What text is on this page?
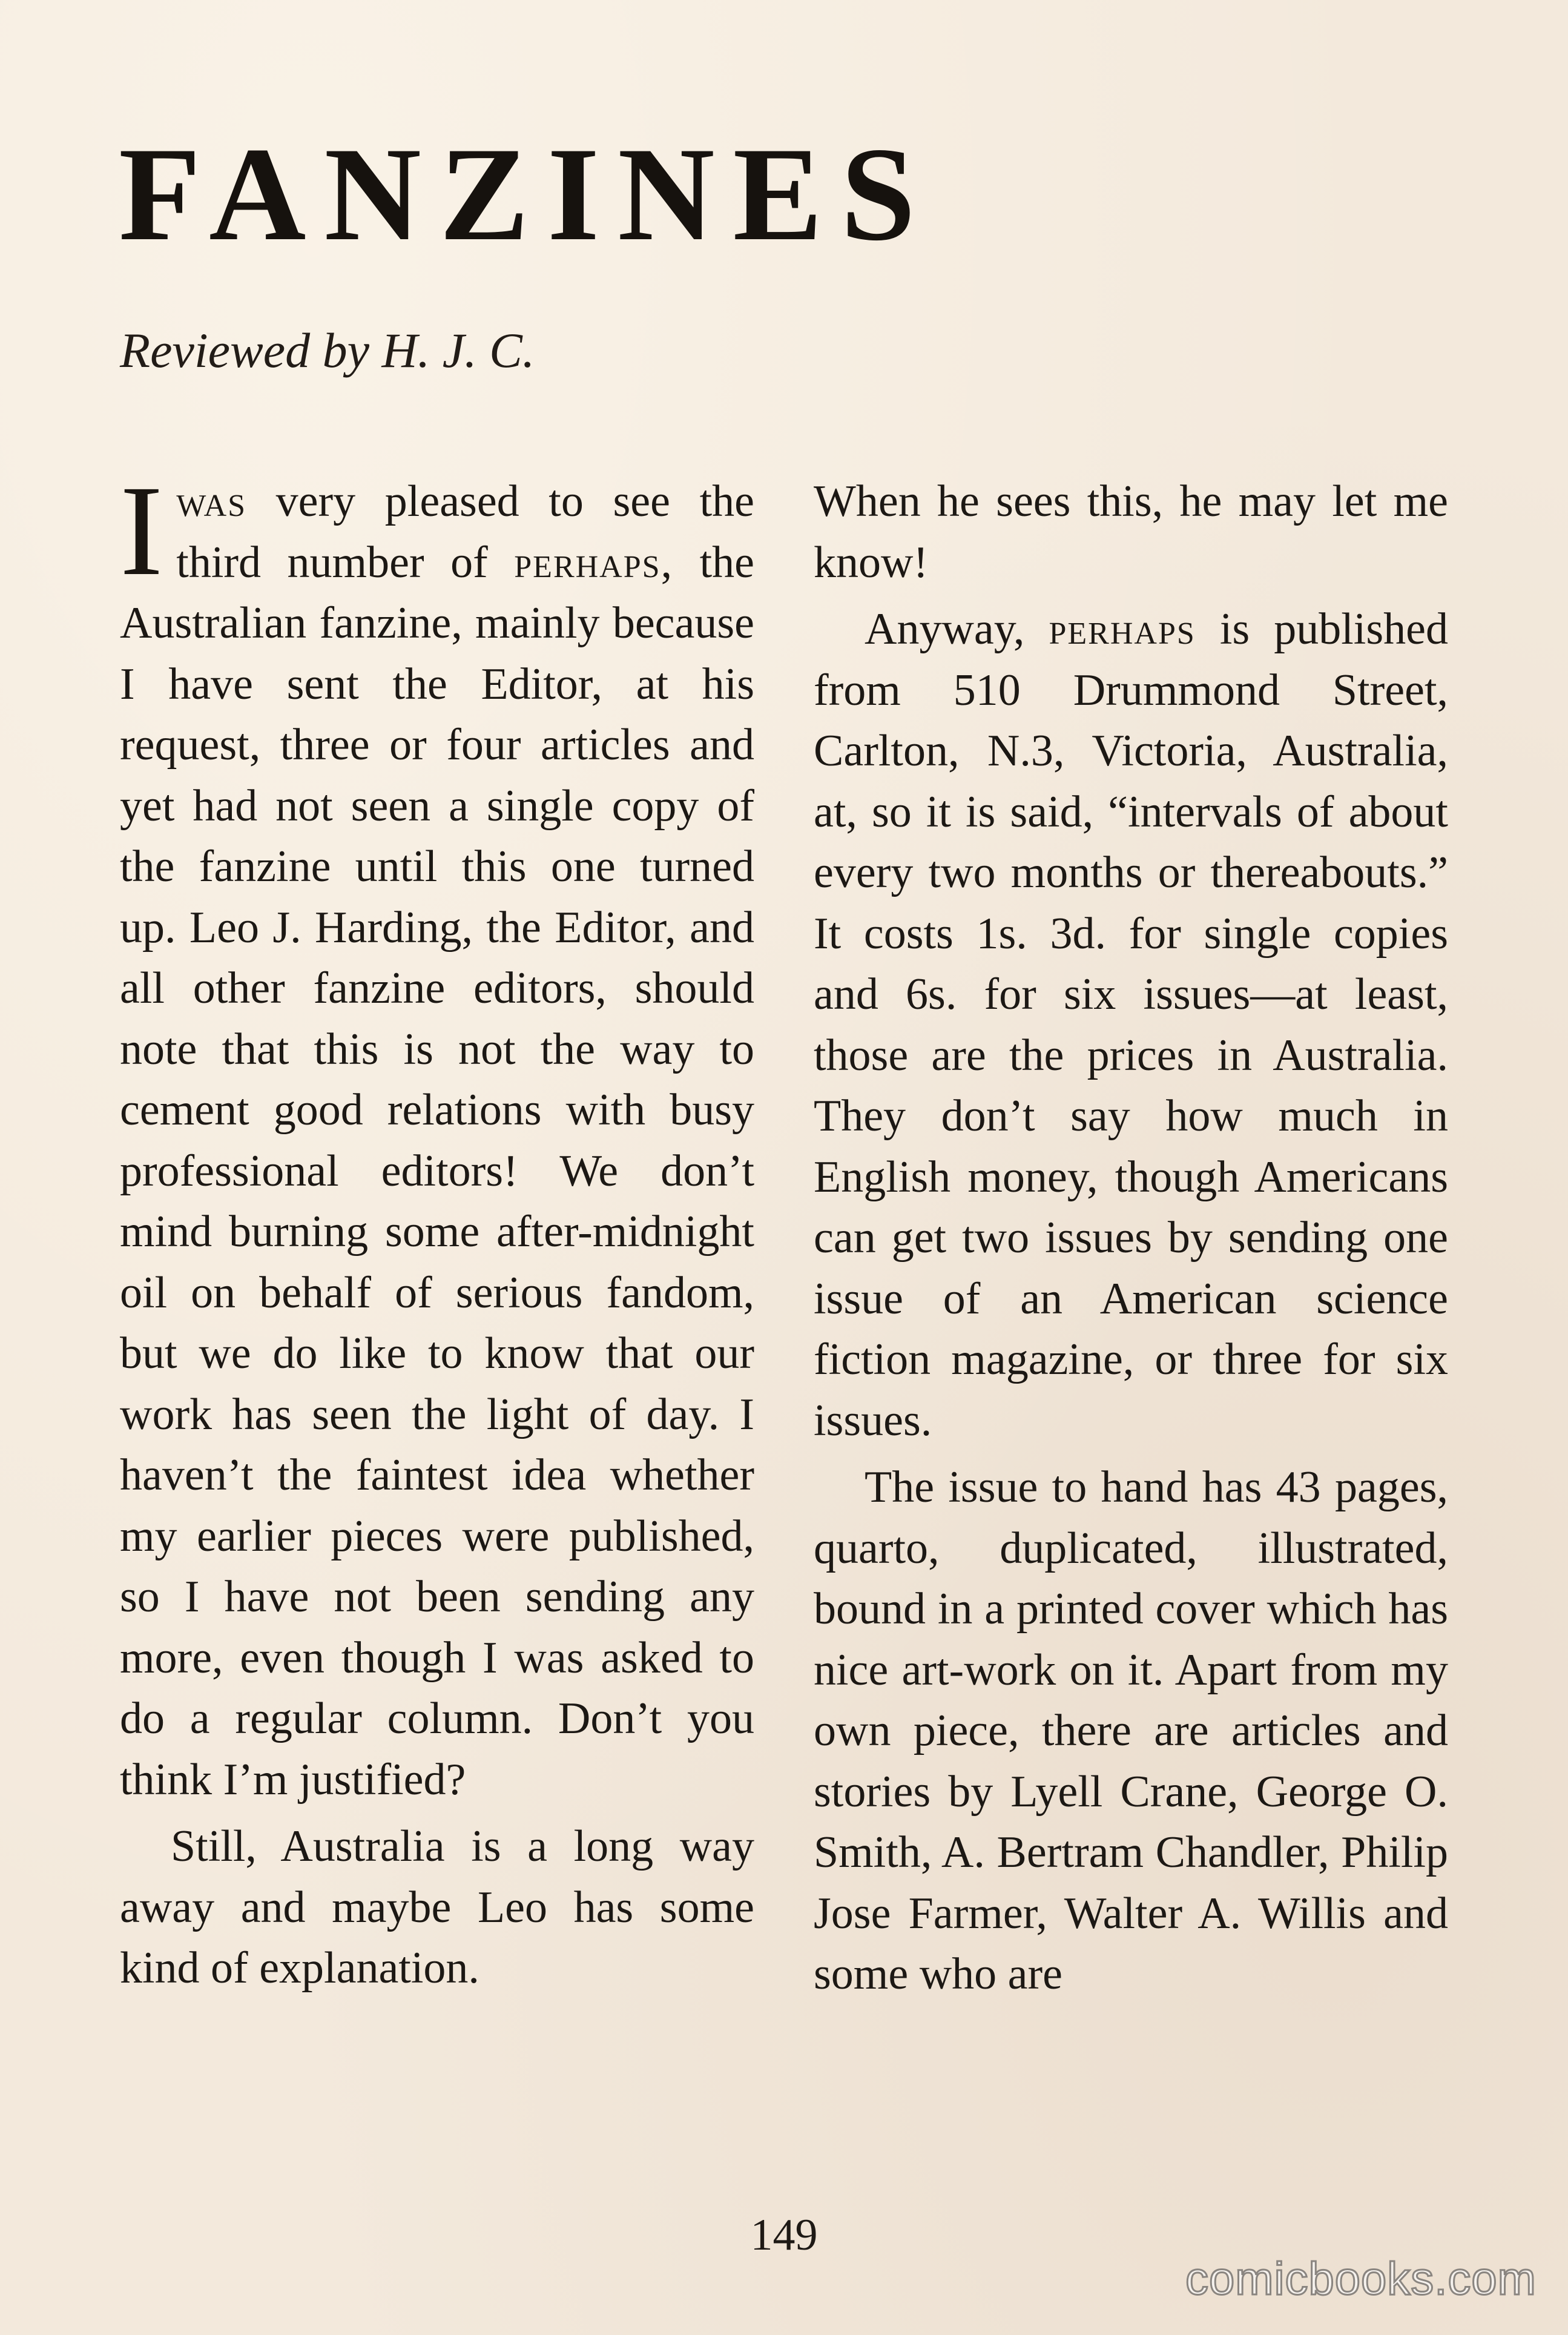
FANZINES
Reviewed by H. J. C.

Iwas very pleased to see the third number of perhaps, the Australian fanzine, mainly because I have sent the Editor, at his request, three or four articles and yet had not seen a single copy of the fanzine until this one turned up. Leo J. Harding, the Editor, and all other fanzine editors, should note that this is not the way to cement good relations with busy professional editors! We don’t mind burning some after-midnight oil on behalf of serious fandom, but we do like to know that our work has seen the light of day. I haven’t the faintest idea whether my earlier pieces were published, so I have not been sending any more, even though I was asked to do a regular column. Don’t you think I’m justified?

Still, Australia is a long way away and maybe Leo has some kind of explanation.

When he sees this, he may let me know!

Anyway, perhaps is published from 510 Drummond Street, Carlton, N.3, Victoria, Australia, at, so it is said, “intervals of about every two months or thereabouts.” It costs 1s. 3d. for single copies and 6s. for six issues—at least, those are the prices in Australia. They don’t say how much in English money, though Americans can get two issues by sending one issue of an American science fiction magazine, or three for six issues.

The issue to hand has 43 pages, quarto, duplicated, illustrated, bound in a printed cover which has nice art-work on it. Apart from my own piece, there are articles and stories by Lyell Crane, George O. Smith, A. Bertram Chandler, Philip Jose Farmer, Walter A. Willis and some who are

149
comicbooks.com
